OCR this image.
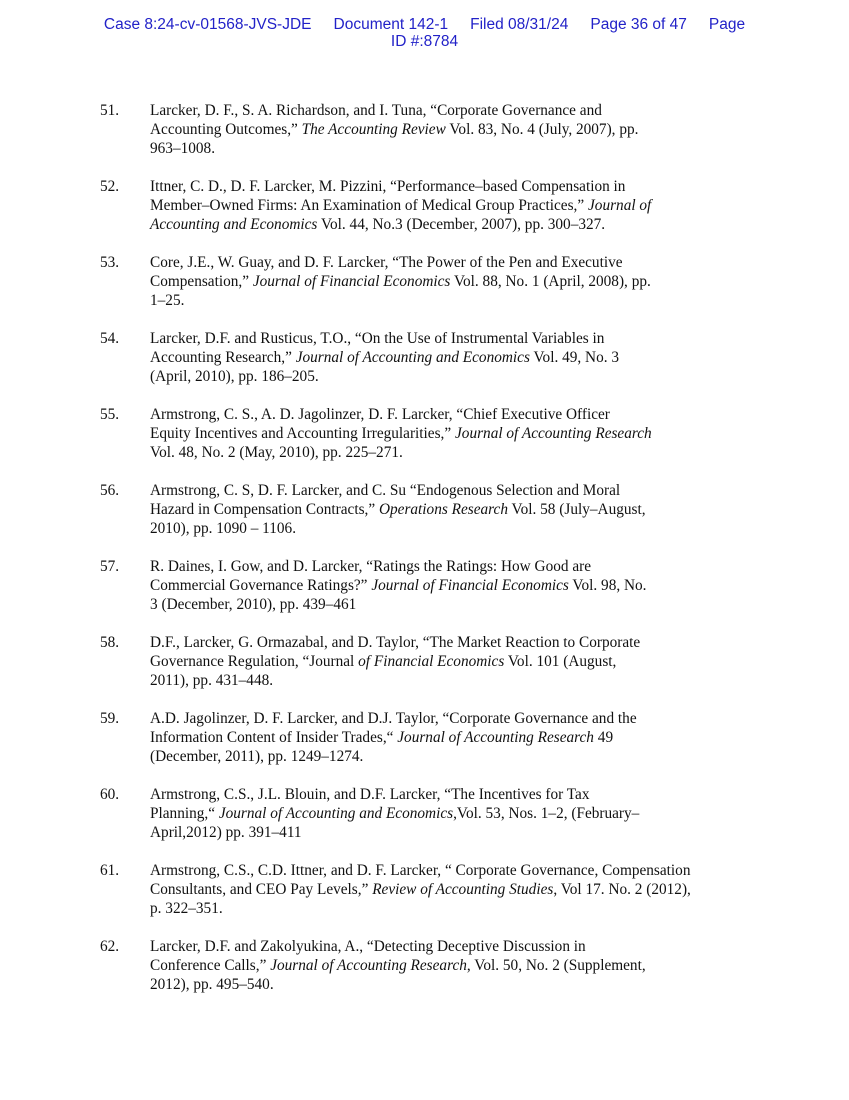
Case 8:24-cv-01568-JVS-JDE Document 142-1 Filed 08/31/24 Page 36 of 47 Page
ID #:8784
51.	Larcker, D. F., S. A. Richardson, and I. Tuna, “Corporate Governance and
Accounting Outcomes,” The Accounting Review Vol. 83, No. 4 (July, 2007), pp.
963–1008.
52.	Ittner, C. D., D. F. Larcker, M. Pizzini, “Performance–based Compensation in
Member–Owned Firms: An Examination of Medical Group Practices,” Journal of
Accounting and Economics Vol. 44, No.3 (December, 2007), pp. 300–327.
53.	Core, J.E., W. Guay, and D. F. Larcker, “The Power of the Pen and Executive
Compensation,” Journal of Financial Economics Vol. 88, No. 1 (April, 2008), pp.
1–25.
54.	Larcker, D.F. and Rusticus, T.O., “On the Use of Instrumental Variables in
Accounting Research,” Journal of Accounting and Economics Vol. 49, No. 3
(April, 2010), pp. 186–205.
55.	Armstrong, C. S., A. D. Jagolinzer, D. F. Larcker, “Chief Executive Officer
Equity Incentives and Accounting Irregularities,” Journal of Accounting Research
Vol. 48, No. 2 (May, 2010), pp. 225–271.
56.	Armstrong, C. S, D. F. Larcker, and C. Su “Endogenous Selection and Moral
Hazard in Compensation Contracts,” Operations Research Vol. 58 (July–August,
2010), pp. 1090 – 1106.
57.	R. Daines, I. Gow, and D. Larcker, “Ratings the Ratings: How Good are
Commercial Governance Ratings?” Journal of Financial Economics Vol. 98, No.
3 (December, 2010), pp. 439–461
58.	D.F., Larcker, G. Ormazabal, and D. Taylor, “The Market Reaction to Corporate
Governance Regulation, “Journal of Financial Economics Vol. 101 (August,
2011), pp. 431–448.
59.	A.D. Jagolinzer, D. F. Larcker, and D.J. Taylor, “Corporate Governance and the
Information Content of Insider Trades,“ Journal of Accounting Research 49
(December, 2011), pp. 1249–1274.
60.	Armstrong, C.S., J.L. Blouin, and D.F. Larcker, “The Incentives for Tax
Planning,“ Journal of Accounting and Economics,Vol. 53, Nos. 1–2, (February–
April,2012) pp. 391–411
61.	Armstrong, C.S., C.D. Ittner, and D. F. Larcker, “ Corporate Governance, Compensation
Consultants, and CEO Pay Levels,” Review of Accounting Studies, Vol 17. No. 2 (2012),
p. 322–351.
62.	Larcker, D.F. and Zakolyukina, A., “Detecting Deceptive Discussion in
Conference Calls,” Journal of Accounting Research, Vol. 50, No. 2 (Supplement,
2012), pp. 495–540.
